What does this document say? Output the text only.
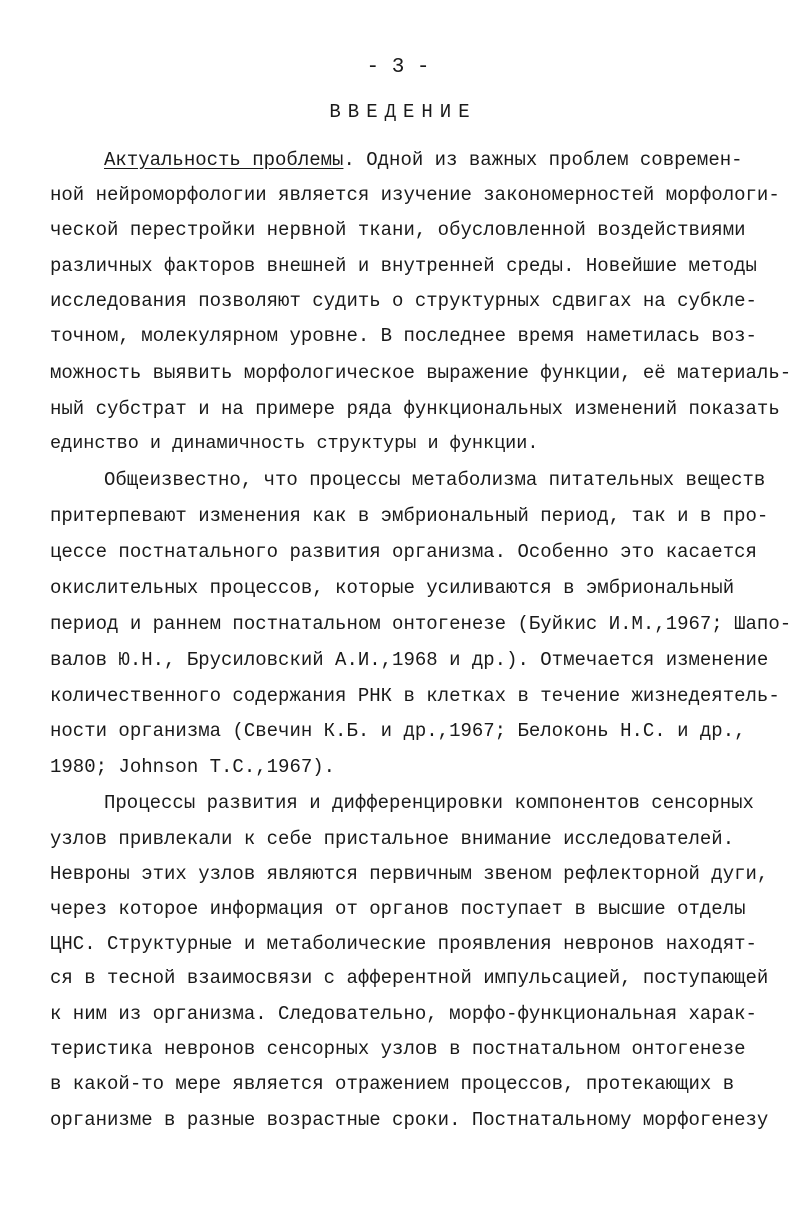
- 3 -
ВВЕДЕНИЕ
Актуальность проблемы. Одной из важных проблем современ-
ной нейроморфологии является изучение закономерностей морфологи-
ческой перестройки нервной ткани, обусловленной воздействиями
различных факторов внешней и внутренней среды. Новейшие методы
исследования позволяют судить о структурных сдвигах на субкле-
точном, молекулярном уровне. В последнее время наметилась воз-
можность выявить морфологическое выражение функции, её материаль-
ный субстрат и на примере ряда функциональных изменений показать
единство и динамичность структуры и функции.
Общеизвестно, что процессы метаболизма питательных веществ
притерпевают изменения как в эмбриональный период, так и в про-
цессе постнатального развития организма. Особенно это касается
окислительных процессов, которые усиливаются в эмбриональный
период и раннем постнатальном онтогенезе (Буйкис И.М.,1967; Шапо-
валов Ю.Н., Брусиловский А.И.,1968 и др.). Отмечается изменение
количественного содержания РНК в клетках в течение жизнедеятель-
ности организма (Свечин К.Б. и др.,1967; Белоконь Н.С. и др.,
1980; Johnson T.C.,1967).
Процессы развития и дифференцировки компонентов сенсорных
узлов привлекали к себе пристальное внимание исследователей.
Невроны этих узлов являются первичным звеном рефлекторной дуги,
через которое информация от органов поступает в высшие отделы
ЦНС. Структурные и метаболические проявления невронов находят-
ся в тесной взаимосвязи с афферентной импульсацией, поступающей
к ним из организма. Следовательно, морфо-функциональная харак-
теристика невронов сенсорных узлов в постнатальном онтогенезе
в какой-то мере является отражением процессов, протекающих в
организме в разные возрастные сроки. Постнатальному морфогенезу
